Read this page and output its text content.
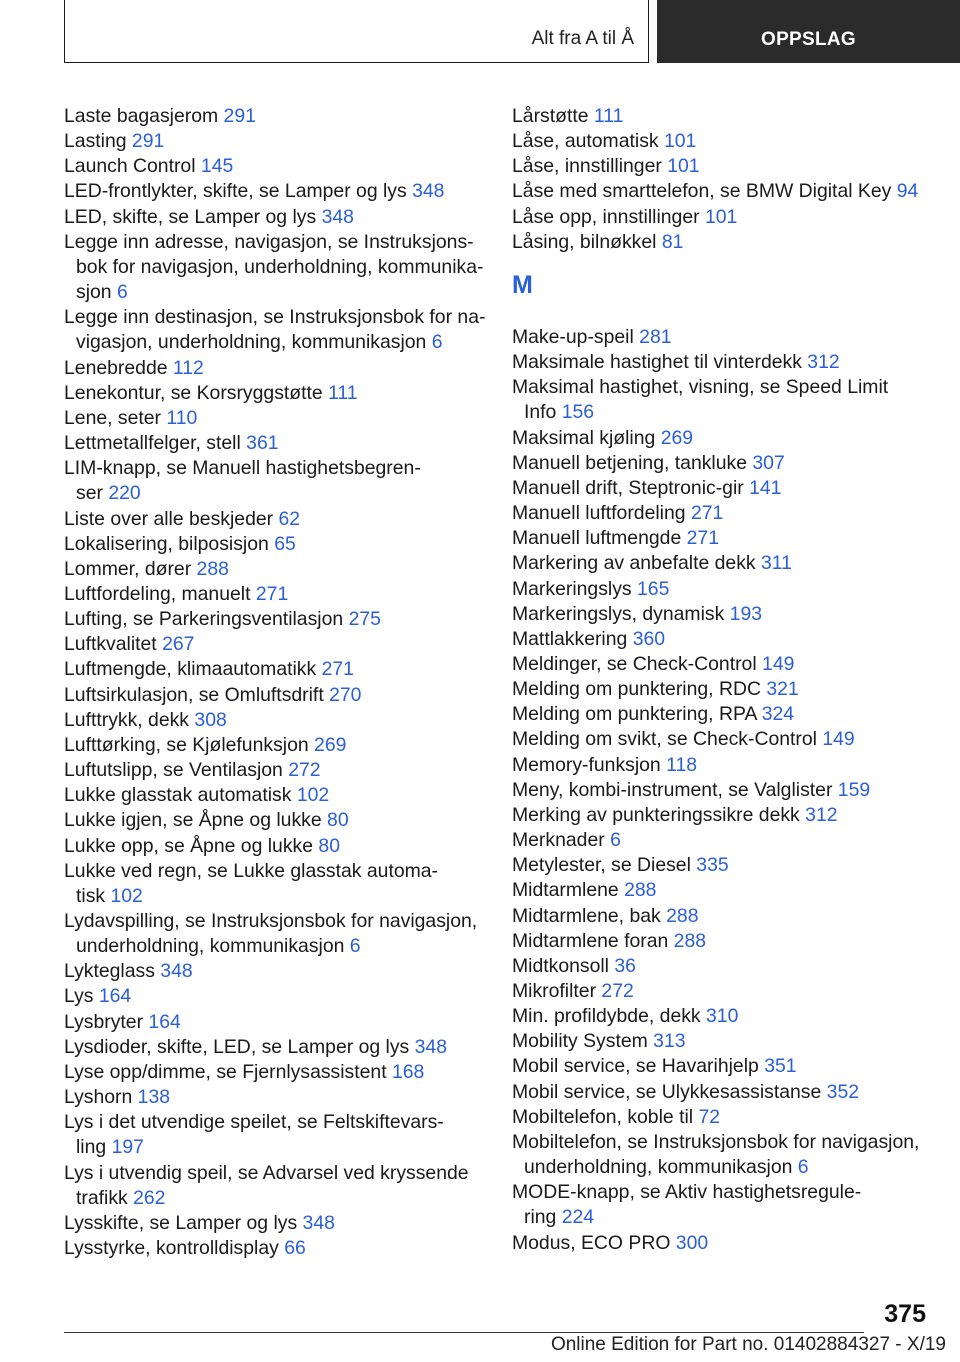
Alt fra A til Å	OPPSLAG
Laste bagasjerom 291
Lasting 291
Launch Control 145
LED-frontlykter, skifte, se Lamper og lys 348
LED, skifte, se Lamper og lys 348
Legge inn adresse, navigasjon, se Instruksjons-
bok for navigasjon, underholdning, kommunika-
sjon 6
Legge inn destinasjon, se Instruksjonsbok for na-
vigasjon, underholdning, kommunikasjon 6
Lenebredde 112
Lenekontur, se Korsryggstøtte 111
Lene, seter 110
Lettmetallfelger, stell 361
LIM-knapp, se Manuell hastighetsbegren-
ser 220
Liste over alle beskjeder 62
Lokalisering, bilposisjon 65
Lommer, dører 288
Luftfordeling, manuelt 271
Lufting, se Parkeringsventilasjon 275
Luftkvalitet 267
Luftmengde, klimaautomatikk 271
Luftsirkulasjon, se Omluftsdrift 270
Lufttrykk, dekk 308
Lufttørking, se Kjølefunksjon 269
Luftutslipp, se Ventilasjon 272
Lukke glasstak automatisk 102
Lukke igjen, se Åpne og lukke 80
Lukke opp, se Åpne og lukke 80
Lukke ved regn, se Lukke glasstak automa-
tisk 102
Lydavspilling, se Instruksjonsbok for navigasjon,
underholdning, kommunikasjon 6
Lykteglass 348
Lys 164
Lysbryter 164
Lysdioder, skifte, LED, se Lamper og lys 348
Lyse opp/dimme, se Fjernlysassistent 168
Lyshorn 138
Lys i det utvendige speilet, se Feltskiftevars-
ling 197
Lys i utvendig speil, se Advarsel ved kryssende
trafikk 262
Lysskifte, se Lamper og lys 348
Lysstyrke, kontrolldisplay 66
Lårstøtte 111
Låse, automatisk 101
Låse, innstillinger 101
Låse med smarttelefon, se BMW Digital Key 94
Låse opp, innstillinger 101
Låsing, bilnøkkel 81
M
Make-up-speil 281
Maksimale hastighet til vinterdekk 312
Maksimal hastighet, visning, se Speed Limit
Info 156
Maksimal kjøling 269
Manuell betjening, tankluke 307
Manuell drift, Steptronic-gir 141
Manuell luftfordeling 271
Manuell luftmengde 271
Markering av anbefalte dekk 311
Markeringslys 165
Markeringslys, dynamisk 193
Mattlakkering 360
Meldinger, se Check-Control 149
Melding om punktering, RDC 321
Melding om punktering, RPA 324
Melding om svikt, se Check-Control 149
Memory-funksjon 118
Meny, kombi-instrument, se Valglister 159
Merking av punkteringssikre dekk 312
Merknader 6
Metylester, se Diesel 335
Midtarmlene 288
Midtarmlene, bak 288
Midtarmlene foran 288
Midtkonsoll 36
Mikrofilter 272
Min. profildybde, dekk 310
Mobility System 313
Mobil service, se Havarihjelp 351
Mobil service, se Ulykkesassistanse 352
Mobiltelefon, koble til 72
Mobiltelefon, se Instruksjonsbok for navigasjon,
underholdning, kommunikasjon 6
MODE-knapp, se Aktiv hastighetsregule-
ring 224
Modus, ECO PRO 300
375
Online Edition for Part no. 01402884327 - X/19
